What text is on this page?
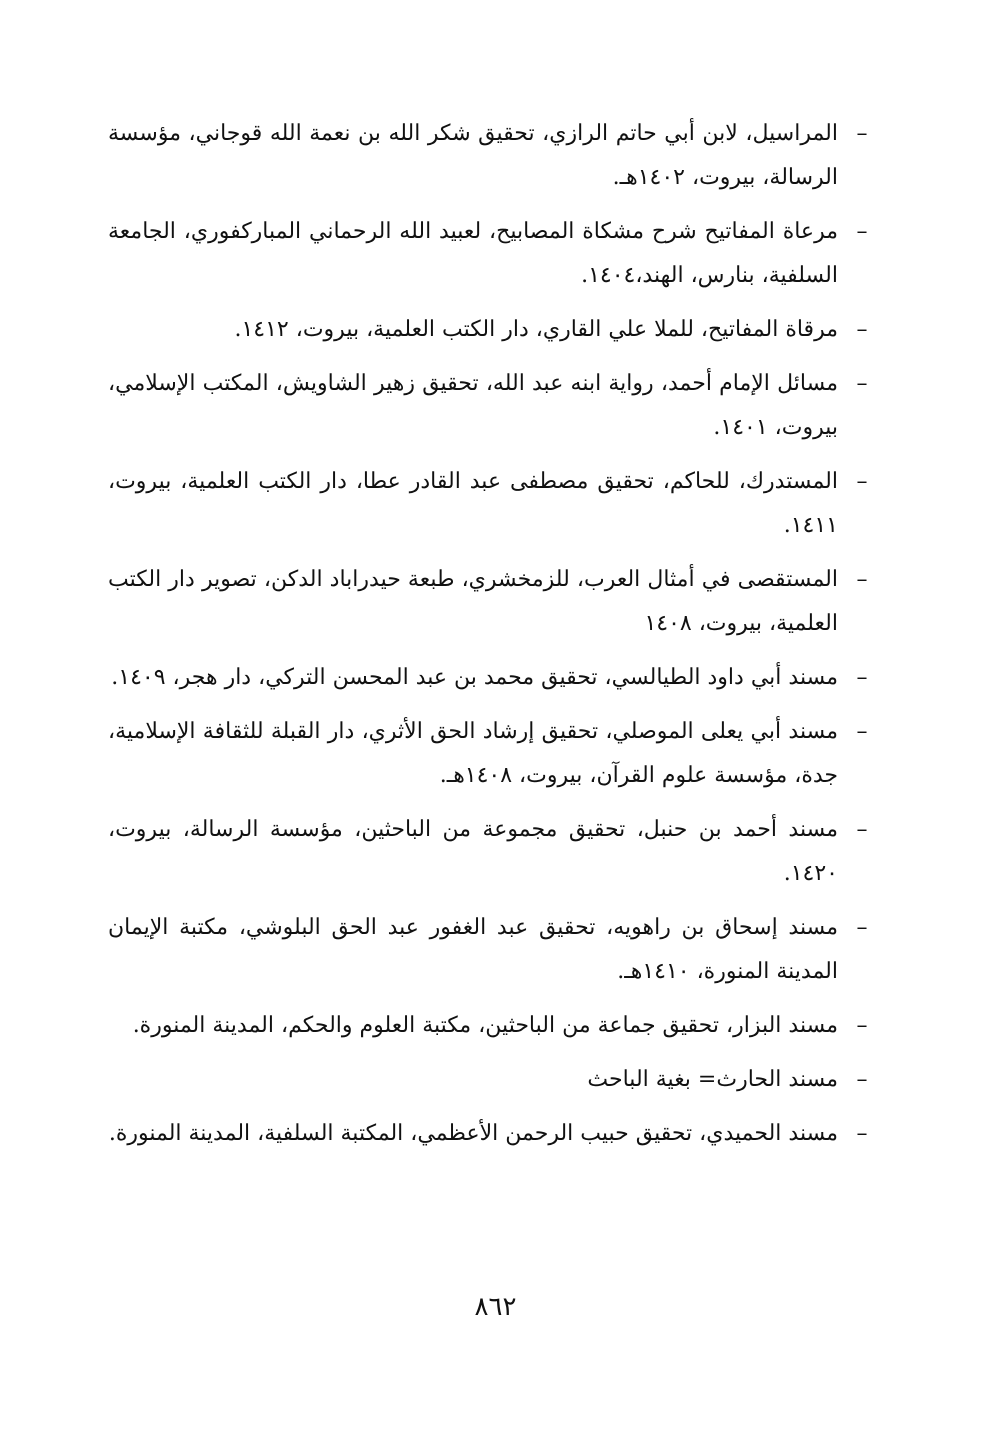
–
المراسيل، لابن أبي حاتم الرازي، تحقيق شكر الله بن نعمة الله قوجاني، مؤسسة الرسالة، بيروت، ١٤٠٢هـ.
–
مرعاة المفاتيح شرح مشكاة المصابيح، لعبيد الله الرحماني المباركفوري، الجامعة السلفية، بنارس، الهند،١٤٠٤.
–
مرقاة المفاتيح، للملا علي القاري، دار الكتب العلمية، بيروت، ١٤١٢.
–
مسائل الإمام أحمد، رواية ابنه عبد الله، تحقيق زهير الشاويش، المكتب الإسلامي، بيروت، ١٤٠١.
–
المستدرك، للحاكم، تحقيق مصطفى عبد القادر عطا، دار الكتب العلمية، بيروت، ١٤١١.
–
المستقصى في أمثال العرب، للزمخشري، طبعة حيدراباد الدكن، تصوير دار الكتب العلمية، بيروت، ١٤٠٨
–
مسند أبي داود الطيالسي، تحقيق محمد بن عبد المحسن التركي، دار هجر، ١٤٠٩.
–
مسند أبي يعلى الموصلي، تحقيق إرشاد الحق الأثري، دار القبلة للثقافة الإسلامية، جدة، مؤسسة علوم القرآن، بيروت، ١٤٠٨هـ.
–
مسند أحمد بن حنبل، تحقيق مجموعة من الباحثين، مؤسسة الرسالة، بيروت، ١٤٢٠.
–
مسند إسحاق بن راهويه، تحقيق عبد الغفور عبد الحق البلوشي، مكتبة الإيمان المدينة المنورة، ١٤١٠هـ.
–
مسند البزار، تحقيق جماعة من الباحثين، مكتبة العلوم والحكم، المدينة المنورة.
–
مسند الحارث= بغية الباحث
–
مسند الحميدي، تحقيق حبيب الرحمن الأعظمي، المكتبة السلفية، المدينة المنورة.
٨٦٢
